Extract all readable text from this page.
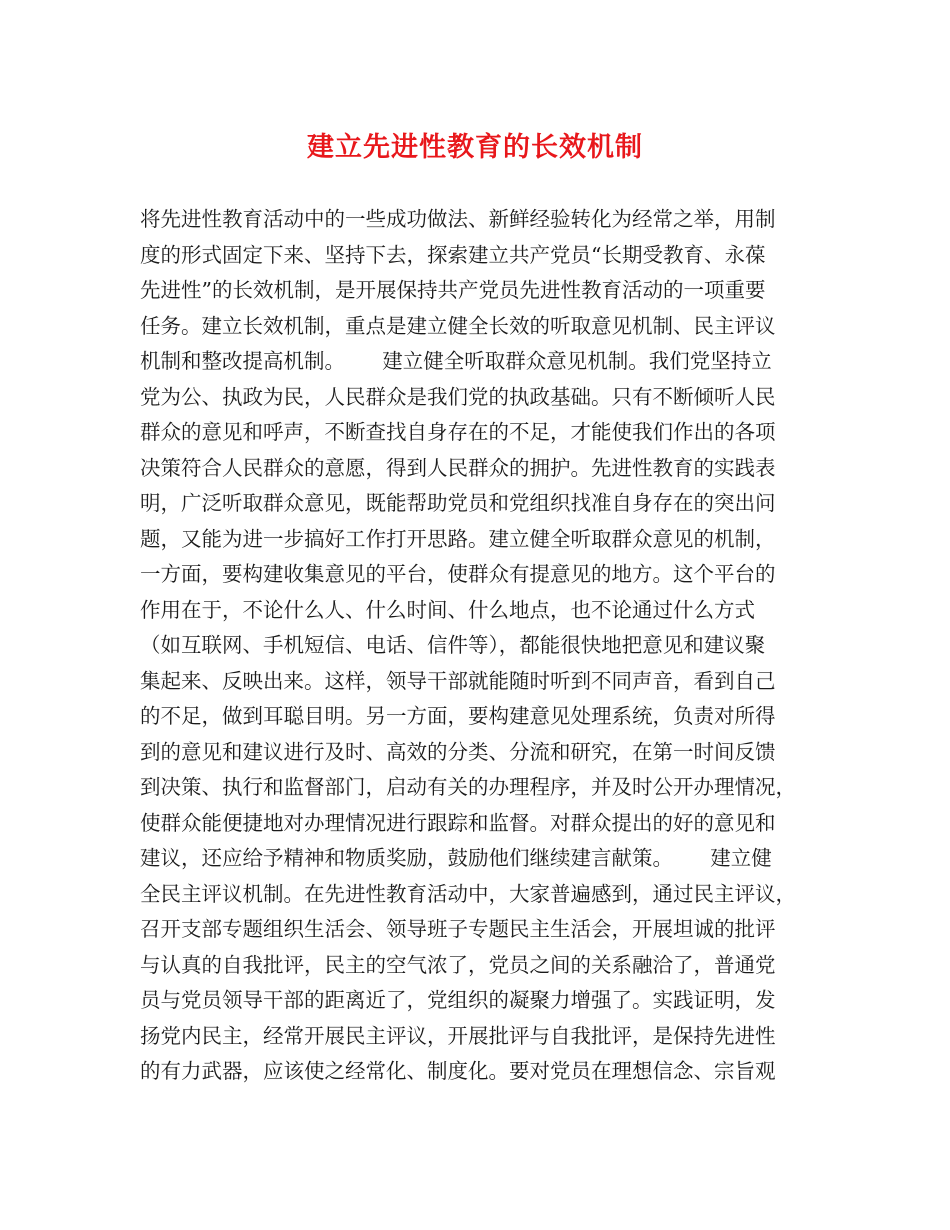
建立先进性教育的长效机制
将先进性教育活动中的一些成功做法、新鲜经验转化为经常之举，用制
度的形式固定下来、坚持下去，探索建立共产党员“长期受教育、永葆
先进性”的长效机制，是开展保持共产党员先进性教育活动的一项重要
任务。建立长效机制，重点是建立健全长效的听取意见机制、民主评议
机制和整改提高机制。　　 建立健全听取群众意见机制。我们党坚持立
党为公、执政为民，人民群众是我们党的执政基础。只有不断倾听人民
群众的意见和呼声，不断查找自身存在的不足，才能使我们作出的各项
决策符合人民群众的意愿，得到人民群众的拥护。先进性教育的实践表
明，广泛听取群众意见，既能帮助党员和党组织找准自身存在的突出问
题，又能为进一步搞好工作打开思路。建立健全听取群众意见的机制，
一方面，要构建收集意见的平台，使群众有提意见的地方。这个平台的
作用在于，不论什么人、什么时间、什么地点，也不论通过什么方式
（如互联网、手机短信、电话、信件等），都能很快地把意见和建议聚
集起来、反映出来。这样，领导干部就能随时听到不同声音，看到自己
的不足，做到耳聪目明。另一方面，要构建意见处理系统，负责对所得
到的意见和建议进行及时、高效的分类、分流和研究，在第一时间反馈
到决策、执行和监督部门，启动有关的办理程序，并及时公开办理情况，
使群众能便捷地对办理情况进行跟踪和监督。对群众提出的好的意见和
建议，还应给予精神和物质奖励，鼓励他们继续建言献策。　　 建立健
全民主评议机制。在先进性教育活动中，大家普遍感到，通过民主评议，
召开支部专题组织生活会、领导班子专题民主生活会，开展坦诚的批评
与认真的自我批评，民主的空气浓了，党员之间的关系融洽了，普通党
员与党员领导干部的距离近了，党组织的凝聚力增强了。实践证明，发
扬党内民主，经常开展民主评议，开展批评与自我批评，是保持先进性
的有力武器，应该使之经常化、制度化。要对党员在理想信念、宗旨观
